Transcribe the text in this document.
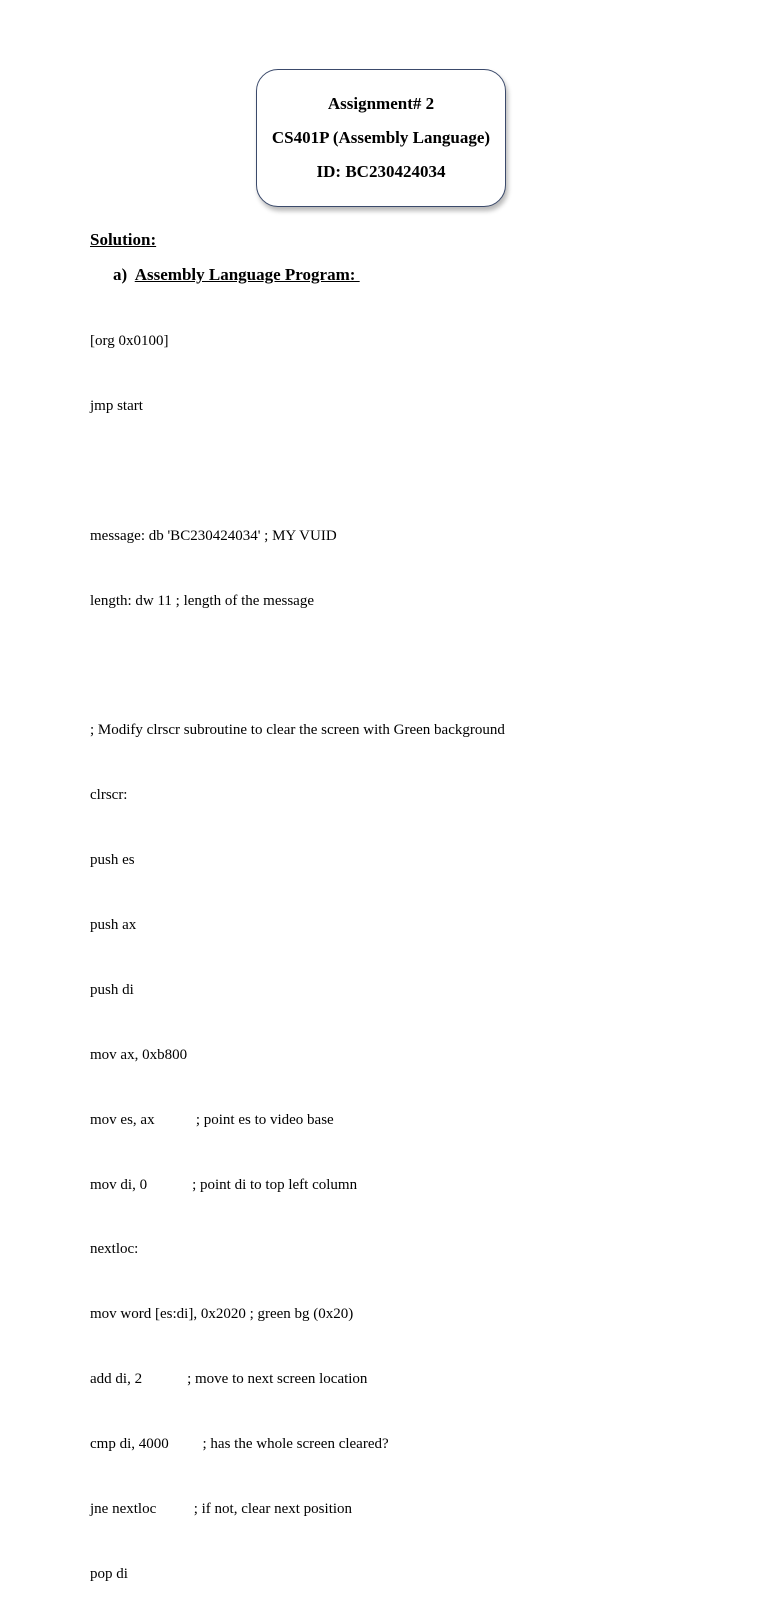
Assignment# 2
CS401P (Assembly Language)
ID: BC230424034
Solution:
a) Assembly Language Program:

[org 0x0100]

jmp start

message: db 'BC230424034' ; MY VUID

length: dw 11 ; length of the message

; Modify clrscr subroutine to clear the screen with Green background

clrscr:

push es

push ax

push di

mov ax, 0xb800

mov es, ax           ; point es to video base

mov di, 0            ; point di to top left column

nextloc:

mov word [es:di], 0x2020 ; green bg (0x20)

add di, 2            ; move to next screen location

cmp di, 4000         ; has the whole screen cleared?

jne nextloc          ; if not, clear next position

pop di
